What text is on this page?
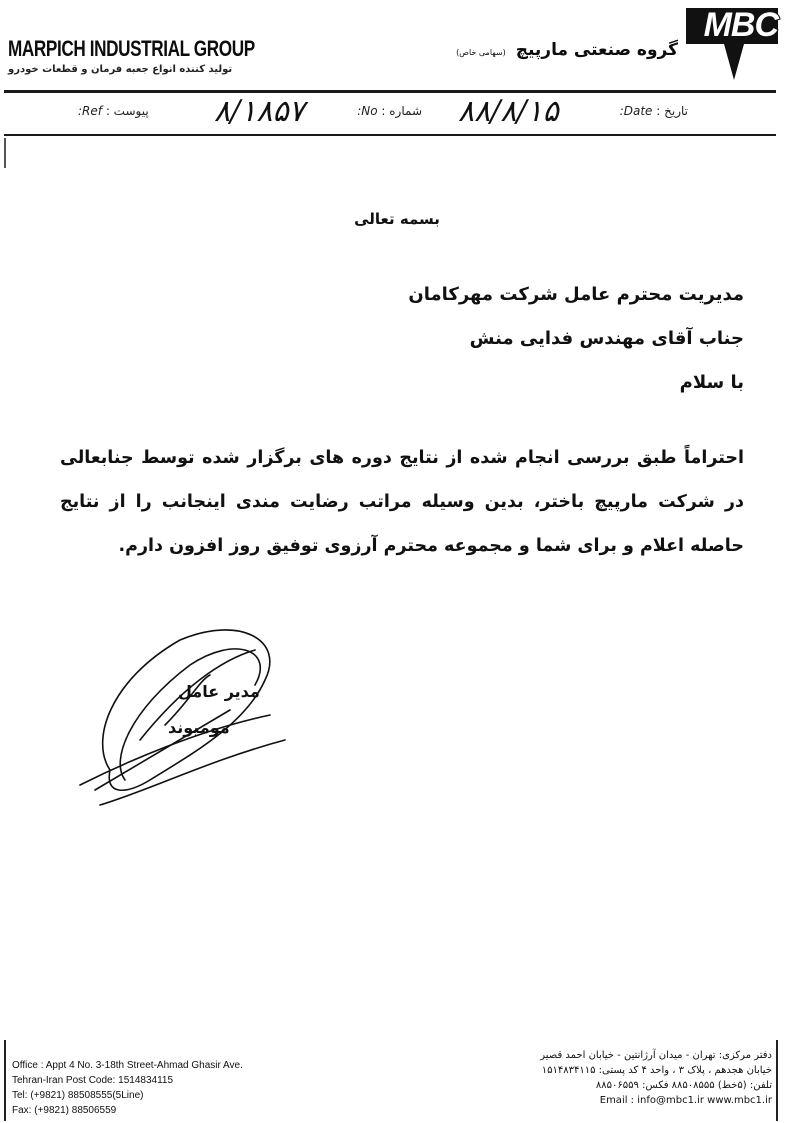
MARPICH INDUSTRIAL GROUP
تولید کننده انواع جعبه فرمان و قطعات خودرو
گروه صنعتی مارپیچ (سهامی خاص)
MBC
تاریخ : Date:
۸۸/۸/۱۵
شماره : No:
۸/۱۸۵۷
پیوست : Ref:
بسمه تعالی
مدیریت محترم عامل شرکت مهرکامان
جناب آقای مهندس فدایی منش
با سلام
احتراماً طبق بررسی انجام شده از نتایج دوره های برگزار شده توسط جنابعالی در شرکت مارپیچ باختر، بدین وسیله مراتب رضایت مندی اینجانب را از نتایج حاصله اعلام و برای شما و مجموعه محترم آرزوی توفیق روز افزون دارم.
مدیر عامل
مومیوند
Office : Appt 4 No. 3-18th Street-Ahmad Ghasir Ave.
Tehran-Iran Post Code: 1514834115
Tel: (+9821) 88508555(5Line)
Fax: (+9821) 88506559
دفتر مرکزی: تهران - میدان آرژانتین - خیابان احمد قصیر
خیابان هجدهم ، پلاک ۳ ، واحد ۴ کد پستی: ۱۵۱۴۸۳۴۱۱۵
تلفن: (۵خط) ۸۸۵۰۸۵۵۵ فکس: ۸۸۵۰۶۵۵۹
Email : info@mbc1.ir www.mbc1.ir
